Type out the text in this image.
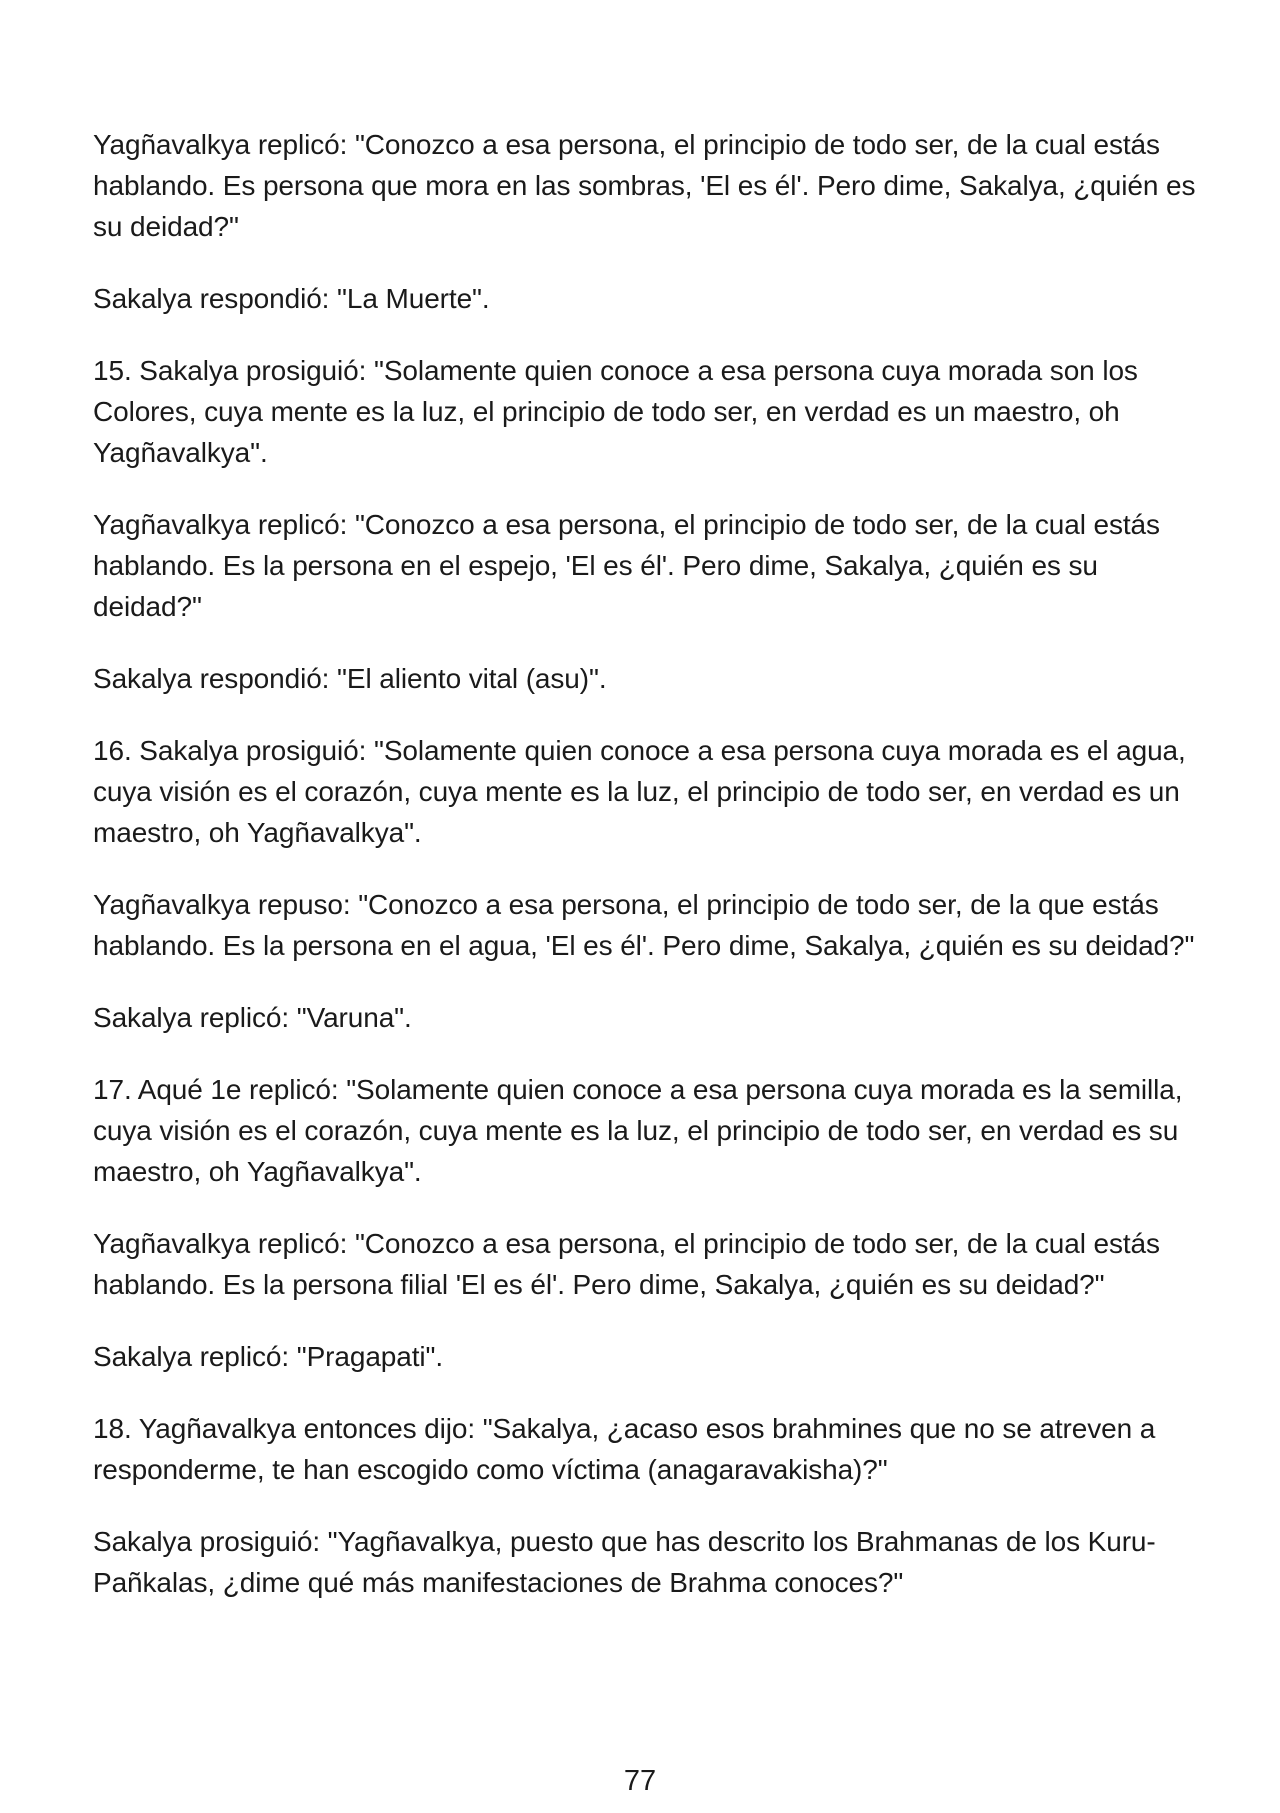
Yagñavalkya replicó: "Conozco a esa persona, el principio de todo ser, de la cual estás hablando. Es persona que mora en las sombras, 'El es él'. Pero dime, Sakalya, ¿quién es su deidad?"

Sakalya respondió: "La Muerte".

15. Sakalya prosiguió: "Solamente quien conoce a esa persona cuya morada son los Colores, cuya mente es la luz, el principio de todo ser, en verdad es un maestro, oh Yagñavalkya".

Yagñavalkya replicó: "Conozco a esa persona, el principio de todo ser, de la cual estás hablando. Es la persona en el espejo, 'El es él'. Pero dime, Sakalya, ¿quién es su deidad?"

Sakalya respondió: "El aliento vital (asu)".

16. Sakalya prosiguió: "Solamente quien conoce a esa persona cuya morada es el agua, cuya visión es el corazón, cuya mente es la luz, el principio de todo ser, en verdad es un maestro, oh Yagñavalkya".

Yagñavalkya repuso: "Conozco a esa persona, el principio de todo ser, de la que estás hablando. Es la persona en el agua, 'El es él'. Pero dime, Sakalya, ¿quién es su deidad?"

Sakalya replicó: "Varuna".

17. Aqué 1e replicó: "Solamente quien conoce a esa persona cuya morada es la semilla, cuya visión es el corazón, cuya mente es la luz, el principio de todo ser, en verdad es su maestro, oh Yagñavalkya".

Yagñavalkya replicó: "Conozco a esa persona, el principio de todo ser, de la cual estás hablando. Es la persona filial 'El es él'. Pero dime, Sakalya, ¿quién es su deidad?"

Sakalya replicó: "Pragapati".

18. Yagñavalkya entonces dijo: "Sakalya, ¿acaso esos brahmines que no se atreven a responderme, te han escogido como víctima (anagaravakisha)?"

Sakalya prosiguió: "Yagñavalkya, puesto que has descrito los Brahmanas de los Kuru-Pañkalas, ¿dime qué más manifestaciones de Brahma conoces?"

77
